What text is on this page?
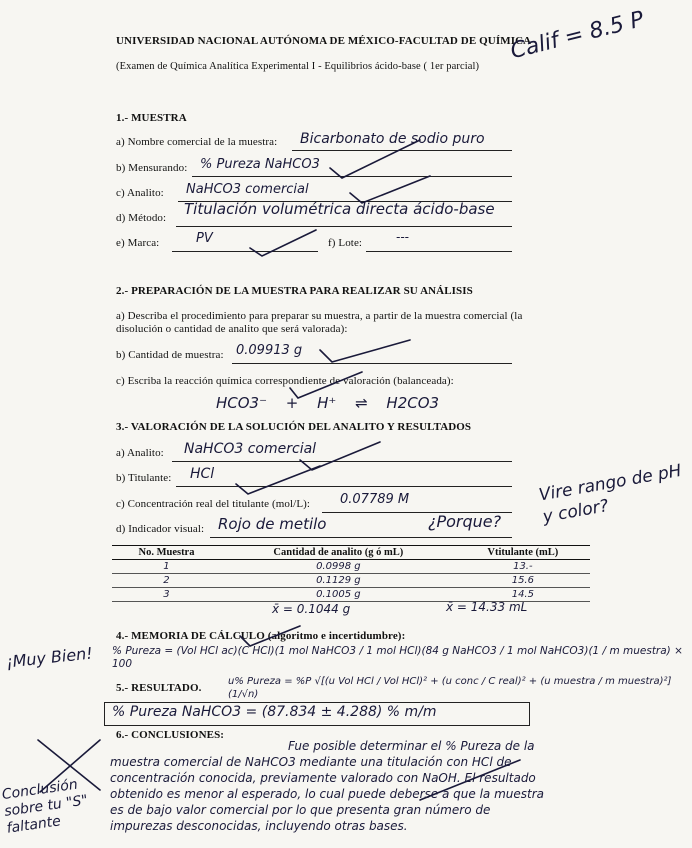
UNIVERSIDAD NACIONAL AUTÓNOMA DE MÉXICO-FACULTAD DE QUÍMICA
(Examen de Química Analítica Experimental I - Equilibrios ácido-base ( 1er parcial)
Calif = 8.5 P
1.- MUESTRA
a) Nombre comercial de la muestra: Bicarbonato de sodio puro
b) Mensurando: % Pureza NaHCO3
c) Analito: NaHCO3 comercial
d) Método: Titulación volumétrica directa ácido-base
e) Marca:	PV	f) Lote:	---
2.- PREPARACIÓN DE LA MUESTRA PARA REALIZAR SU ANÁLISIS
a) Describa el procedimiento para preparar su muestra, a partir de la muestra comercial (la
disolución o cantidad de analito que será valorada):
b) Cantidad de muestra: 0.09913 g
c) Escriba la reacción química correspondiente de valoración (balanceada):
HCO3⁻ + H⁺ ⇌ H2CO3
3.- VALORACIÓN DE LA SOLUCIÓN DEL ANALITO Y RESULTADOS
a) Analito: NaHCO3 comercial
b) Titulante: HCl
c) Concentración real del titulante (mol/L): 0.07789 M
d) Indicador visual: Rojo de metilo	¿Porque?
Vire rango de pH y color?
No. Muestra	Cantidad de analito (g ó mL)	Vtitulante (mL)
1	0.0998 g	13.-
2	0.1129 g	15.6
3	0.1005 g	14.5
x̄ = 0.1044 g	x̄ = 14.33 mL
4.- MEMORIA DE CÁLCULO (algoritmo e incertidumbre):
¡Muy Bien! % Pureza = (Vol HCl ac)(C HCl)(1 mol NaHCO3 / 1 mol HCl)(84 g NaHCO3 / 1 mol NaHCO3)(1 / m muestra) × 100
u% Pureza = %P √[(u Vol HCl / Vol HCl)² + (u conc / C real)² + (u muestra / m muestra)²] (1/√n)
5.- RESULTADO.
% Pureza NaHCO3 = (87.834 ± 4.288) % m/m
6.- CONCLUSIONES:
Conclusión sobre tu "S" faltante
Fue posible determinar el % Pureza de la
muestra comercial de NaHCO3 mediante una titulación con HCl de
concentración conocida, previamente valorado con NaOH. El resultado
obtenido es menor al esperado, lo cual puede deberse a que la muestra
es de bajo valor comercial por lo que presenta gran número de
impurezas desconocidas, incluyendo otras bases.
